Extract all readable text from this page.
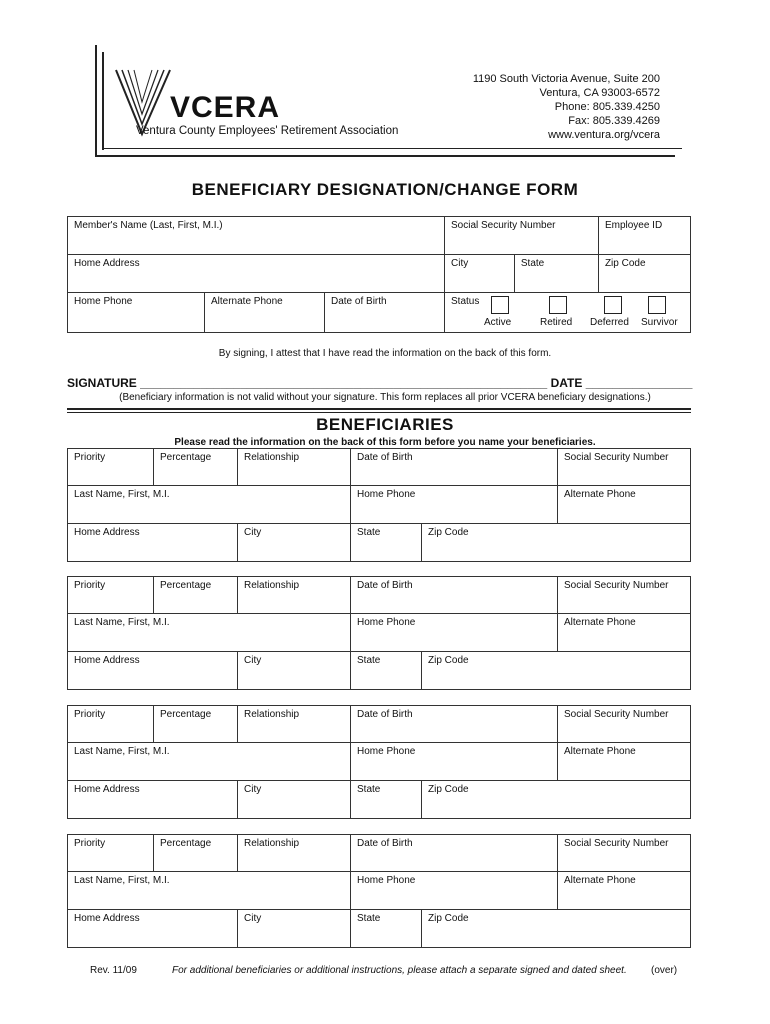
VCERA
Ventura County Employees' Retirement Association
1190 South Victoria Avenue, Suite 200
Ventura, CA 93003-6572
Phone: 805.339.4250
Fax: 805.339.4269
www.ventura.org/vcera
BENEFICIARY DESIGNATION/CHANGE FORM
Member's Name (Last, First, M.I.)			Social Security Number		Employee ID
Home Address			City	State	Zip Code
Home Phone	Alternate Phone	Date of Birth	Status
Active Retired Deferred Survivor		
By signing, I attest that I have read the information on the back of this form.
SIGNATURE _____________________________________________________________ DATE ________________
(Beneficiary information is not valid without your signature. This form replaces all prior VCERA beneficiary designations.)
BENEFICIARIES
Please read the information on the back of this form before you name your beneficiaries.
Priority	Percentage	Relationship	Date of Birth		Social Security Number
Last Name, First, M.I.			Home Phone		Alternate Phone
Home Address		City	State	Zip Code	
Priority	Percentage	Relationship	Date of Birth		Social Security Number
Last Name, First, M.I.			Home Phone		Alternate Phone
Home Address		City	State	Zip Code	
Priority	Percentage	Relationship	Date of Birth		Social Security Number
Last Name, First, M.I.			Home Phone		Alternate Phone
Home Address		City	State	Zip Code	
Priority	Percentage	Relationship	Date of Birth		Social Security Number
Last Name, First, M.I.			Home Phone		Alternate Phone
Home Address		City	State	Zip Code	
Rev. 11/09	For additional beneficiaries or additional instructions, please attach a separate signed and dated sheet. (over)
